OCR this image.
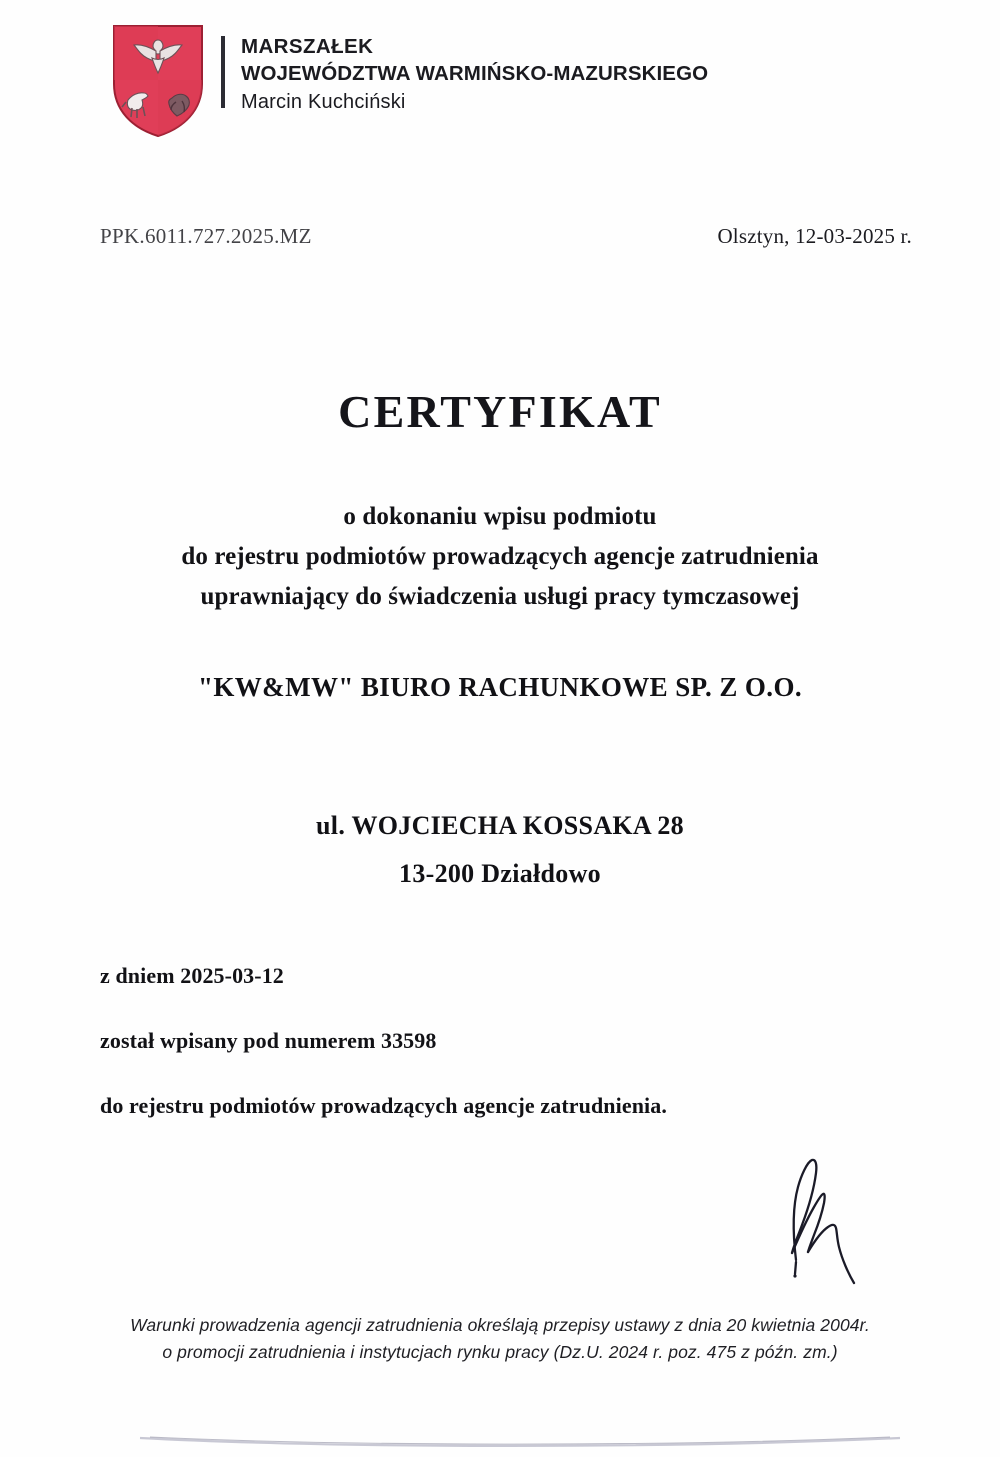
MARSZAŁEK
WOJEWÓDZTWA WARMIŃSKO-MAZURSKIEGO
Marcin Kuchciński
PPK.6011.727.2025.MZ	Olsztyn, 12-03-2025 r.
CERTYFIKAT
o dokonaniu wpisu podmiotu
do rejestru podmiotów prowadzących agencje zatrudnienia
uprawniający do świadczenia usługi pracy tymczasowej
"KW&MW" BIURO RACHUNKOWE SP. Z O.O.
ul. WOJCIECHA KOSSAKA 28
13-200 Działdowo
z dniem 2025-03-12
został wpisany pod numerem 33598
do rejestru podmiotów prowadzących agencje zatrudnienia.
Warunki prowadzenia agencji zatrudnienia określają przepisy ustawy z dnia 20 kwietnia 2004r.
o promocji zatrudnienia i instytucjach rynku pracy (Dz.U. 2024 r. poz. 475 z późn. zm.)
